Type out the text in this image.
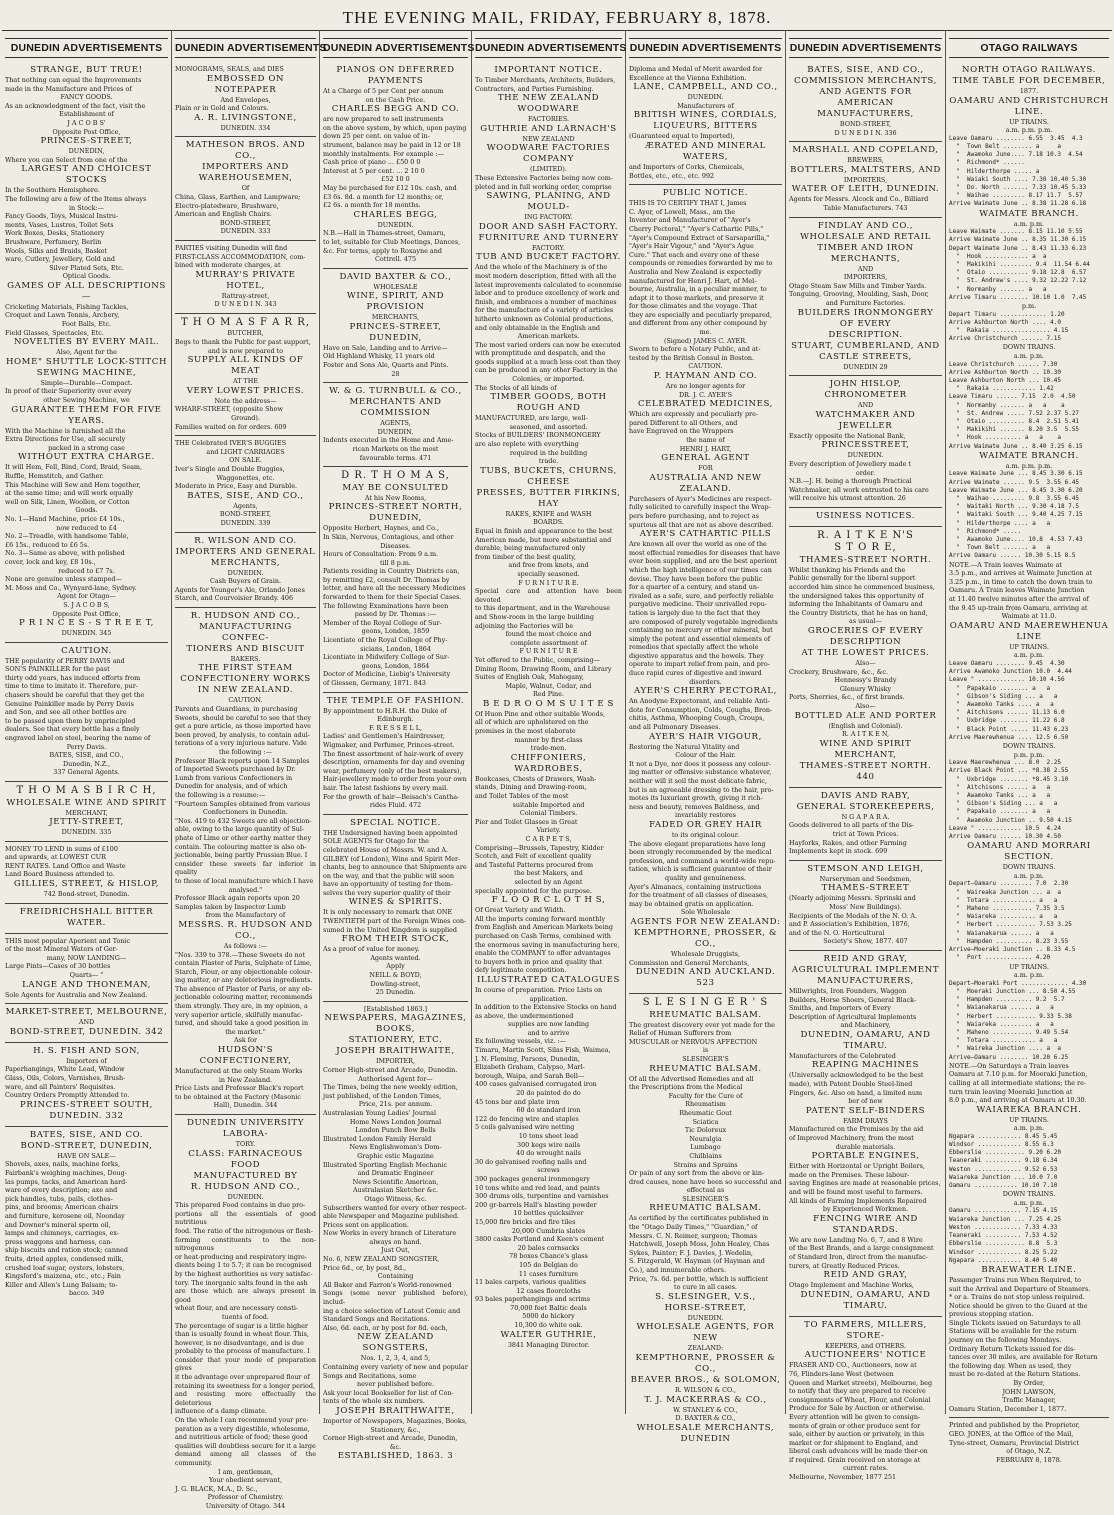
THE EVENING MAIL, FRIDAY, FEBRUARY 8, 1878.
DUNEDIN ADVERTISEMENTS
STRANGE, BUT TRUE!
That nothing can equal the Improvements
made in the Manufacture and Prices of
FANCY GOODS.
As an acknowledgment of the fact, visit the
Establishment of
J A C O B S'
Opposite Post Office,
PRINCES-STREET,
DUNEDIN,
Where you can Select from one of the
LARGEST AND CHOICEST STOCKS
In the Southern Hemisphere.
The following are a few of the Items always
in Stock:—
Fancy Goods, Toys, Musical Instru-
ments, Vases, Lustres, Toilet Sets
Work Boxes, Desks, Stationery
Brushware, Perfumery, Berlin
Wools, Silks and Braids, Basket
ware, Cutlery, Jewellery, Gold and
Silver Plated Sets, Etc.
Optical Goods.
GAMES OF ALL DESCRIPTIONS—
Cricketing Materials, Fishing Tackles,
Croquet and Lawn Tennis, Archery,
Foot Balls, Etc.
Field Glasses, Spectacles, Etc.
NOVELTIES BY EVERY MAIL.
Also, Agent for the
HOME" SHUTTLE LOCK-STITCH
SEWING MACHINE,
Simple—Durable—Compact.
In proof of their Superiority over every
other Sewing Machine, we
GUARANTEE THEM FOR FIVE YEARS.
With the Machine is furnished all the
Extra Directions for Use, all securely
packed in a strong case
WITHOUT EXTRA CHARGE.
It will Hem, Fell, Bind, Cord, Braid, Seam,
Ruffle, Hemstitch, and Gather.
This Machine will Sew and Hem together,
at the same time; and will work equally
well on Silk, Linen, Woollen, or Cotton
Goods.
No. 1—Hand Machine, price £4 10s.,
now reduced to £4
No. 2—Treadle, with handsome Table,
£6 15s., reduced to £6 5s.
No. 3—Same as above, with polished
cover, lock and key, £8 10s.,
reduced to £7 7s.
None are genuine unless stamped—
M. Moss and Co., Wynyard-lane, Sydney.
Agent for Otago—
S. J A C O B S,
Opposite Post Office,
P R I N C E S - S T R E E T,
DUNEDIN. 345
CAUTION.
THE popularity of PERRY DAVIS and
SON'S PAINKILLER for the past
thirty odd years, has induced efforts from
time to time to imitate it. Therefore, pur-
chasers should be careful that they get the
Genuine Painkiller made by Perry Davis
and Son, and see all other bottles are
to be passed upon them by unprincipled
dealers. See that every bottle has a finely
engraved label on steel, bearing the name of
Perry Davis.
BATES, SISE, and CO.,
Dunedin, N.Z.,
337 General Agents.
T H O M A S B I R C H,
WHOLESALE WINE AND SPIRIT
MERCHANT,
JETTY-STREET,
DUNEDIN. 335
MONEY TO LEND in sums of £100
and upwards, at LOWEST CUR
RENT RATES. Land Office and Waste
Land Board Business attended to.
GILLIES, STREET, & HISLOP,
742 Bond-street, Dunedin.
FREIDRICHSHALL BITTER WATER.
THIS most popular Aperient and Tonic
of the most Mineral Waters of Ger-
many, NOW LANDING—
Large Pints—Cases of 30 bottles
Quarts— "
LANGE AND THONEMAN,
Sole Agents for Australia and New Zealand.
MARKET-STREET, MELBOURNE,
AND
BOND-STREET, DUNEDIN. 342
H. S. FISH AND SON,
Importers of
Paperhangings, White Lead, Window
Glass, Oils, Colors, Varnishes, Brush-
ware, and all Painters' Requisites.
Country Orders Promptly Attended to.
PRINCES-STREET SOUTH, DUNEDIN. 332
BATES, SISE, AND CO.
BOND-STREET, DUNEDIN,
HAVE ON SALE—
Shovels, axes, nails, machine forks,
Fairbank's weighing machines, Doug-
las pumps, tacks, and American hard-
ware of every description; axe and
pick handles, tubs, pails, clothes-
pins, and brooms; American chairs
and furniture, kerosene oil, Noonday
and Downer's mineral sperm oil,
lamps and chimneys, carriages, ex-
press waggons and harness, can-
ship biscuits and ration stock; canned
fruits, dried apples, condensed milk,
crushed loaf sugar, oysters, lobsters,
Kingsford's maizena, etc., etc.; Fain
Killer and Allen's Lung Balsam; to-
bacco. 349
DUNEDIN ADVERTISEMENTS
MONOGRAMS, SEALS, and DIES
EMBOSSED ON NOTEPAPER
And Envelopes,
Plain or in Gold and Colours.
A. R. LIVINGSTONE,
DUNEDIN. 334
MATHESON BROS. AND CO.,
IMPORTERS AND WAREHOUSEMEN,
Of
China, Glass, Earthen, and Lampware;
Electro-platedware, Brushware,
American and English Chairs.
BOND-STREET,
DUNEDIN. 333
PARTIES visiting Dunedin will find
FIRST-CLASS ACCOMMODATION, com-
bined with moderate charges, at
MURRAY'S PRIVATE HOTEL,
Rattray-street,
D U N E D I N. 343
T H O M A S F A R R,
BUTCHER,
Begs to thank the Public for past support,
and is now prepared to
SUPPLY ALL KINDS OF MEAT
AT THE
VERY LOWEST PRICES.
Note the address—
WHARF-STREET, (opposite Show
Ground).
Families waited on for orders. 609
THE Celebrated IVER'S BUGGIES
and LIGHT CARRIAGES
ON SALE.
Iver's Single and Double Buggies,
Waggonettes, etc.
Moderate in Price, Easy and Durable.
BATES, SISE, AND CO.,
Agents,
BOND-STREET,
DUNEDIN. 339
R. WILSON AND CO.
IMPORTERS AND GENERAL MERCHANTS,
DUNEDIN.
Cash Buyers of Grain.
Agents for Younger's Ale, Orlando Jones
Starch, and Courvoisier Brandy. 406
R. HUDSON AND CO.,
MANUFACTURING CONFEC-
TIONERS AND BISCUIT
BAKERS.
THE FIRST STEAM CONFECTIONERY WORKS
IN NEW ZEALAND.
CAUTION.
Parents and Guardians, in purchasing
Sweets, should be careful to see that they
get a pure article, as those imported have
been proved, by analysis, to contain adul-
terations of a very injurious nature. Vide
the following :—
Professor Black reports upon 14 Samples
of Imported Sweets purchased by Dr.
Lumb from various Confectioners in
Dunedin for analysis, and of which
the following is a resume:—
"Fourteen Samples obtained from various
Confectioners in Dunedin.
"Nos. 419 to 432 Sweets are all objection-
able, owing to the large quantity of Sul-
phate of Lime or other earthy matter they
contain. The colouring matter is also ob-
jectionable, being partly Prussian Blue. I
consider these sweets far inferior in quality
to those of local manufacture which I have
analysed."
Professor Black again reports upon 20
Samples taken by Inspector Lumb
from the Manufactory of
MESSRS. R. HUDSON AND CO.,
As follows :—
"Nos. 339 to 378.—These Sweets do not
contain Plaster of Paris, Sulphate of Lime,
Starch, Flour, or any objectionable colour-
ing matter, or any deleterious ingredients.
The absence of Plaster of Paris, or any ob-
jectionable colouring matter, recommends
them strongly. They are, in my opinion, a
very superior article, skilfully manufac-
tured, and should take a good position in
the market."
Ask for
HUDSON'S CONFECTIONERY,
Manufactured at the only Steam Works
in New Zealand.
Price Lists and Professor Black's report
to be obtained at the Factory (Masonic
Hall), Dunedin. 344
DUNEDIN UNIVERSITY LABORA-
TORY.
CLASS: FARINACEOUS FOOD
MANUFACTURED BY
R. HUDSON AND CO.,
DUNEDIN.
This prepared Food contains in due pro-
portions all the essentials of good nutritious
food. The ratio of the nitrogenous or flesh-
forming constituents to the non-nitrogenous
or heat-producing and respiratory ingre-
dients being 1 to 5.7; it can be recognised
by the highest authorities as very satisfac-
tory. The inorganic salts found in the ash
are those which are always present in good
wheat flour, and are necessary consti-
tuents of food.
The percentage of sugar is a little higher
than is usually found in wheat flour. This,
however, is no disadvantage, and is due
probably to the process of manufacture. I
consider that your mode of preparation gives
it the advantage over unprepared flour of
retaining its sweetness for a longer period,
and resisting more effectually the deleterious
influence of a damp climate.
On the whole I can recommend your pre-
paration as a very digestible, wholesome,
and nutritious article of food; these good
qualities will doubtless secure for it a large
demand among all classes of the community.
I am, gentleman,
Your obedient servant,
J. G. BLACK, M.A., D. Sc.,
Professor of Chemistry.
University of Otago. 344
DUNEDIN ADVERTISEMENTS
PIANOS ON DEFERRED PAYMENTS
At a Charge of 5 per Cent per annum
on the Cash Price.
CHARLES BEGG AND CO.
are now prepared to sell instruments
on the above system, by which, upon paying
down 25 per cent. on value of in-
strument, balance may be paid in 12 or 18
monthly instalments. For example :—
Cash price of piano ... £50 0 0
Interest at 5 per cent. ... 2 10 0
£52 10 0
May be purchased for £12 10s. cash, and
£3 6s. 8d. a month for 12 months; or,
£2 6s. a month for 18 months.
CHARLES BEGG,
DUNEDIN.
N.B.—Hall in Thames-street, Oamaru,
to let, suitable for Club Meetings, Dances,
&c. For terms, apply to Roxayne and
Cottrell. 475
DAVID BAXTER & CO.,
WHOLESALE
WINE, SPIRIT, AND PROVISION
MERCHANTS,
PRINCES-STREET, DUNEDIN,
Have on Sale, Landing and to Arrive—
Old Highland Whisky, 11 years old
Foster and Sons Ale, Quarts and Pints.
28
W. & G. TURNBULL & CO.,
MERCHANTS AND COMMISSION
AGENTS,
DUNEDIN.
Indents executed in the Home and Ame-
rican Markets on the most
favourable terms. 471
D R. T H O M A S,
MAY BE CONSULTED
At his New Rooms,
PRINCES-STREET NORTH, DUNEDIN,
Opposite Herbert, Haynes, and Co.,
In Skin, Nervous, Contagious, and other
Diseases.
Hours of Consultation: From 9 a.m.
till 8 p.m.
Patients residing in Country Districts can,
by remitting £2, consult Dr. Thomas by
letter, and have all the necessary Medicines
forwarded to them for their Special Cases.
The following Examinations have been
passed by Dr. Thomas :—
Member of the Royal College of Sur-
geons, London, 1859
Licentiate of the Royal College of Phy-
sicians, London, 1864
Licentiate in Midwifery College of Sur-
geons, London, 1864
Doctor of Medicine, Liebig's University
of Giessen, Germany, 1871. 843
THE TEMPLE OF FASHION.
By appointment to H.R.H. the Duke of
Edinburgh.
F. R E S S E L L,
Ladies' and Gentlemen's Hairdresser,
Wigmaker, and Perfumer, Princes-street.
The finest assortment of hair-work of every
description, ornaments for day and evening
wear, perfumery (only of the best makers),
Hair-jewellery made to order from your own
hair. The latest fashions by every mail.
For the growth of hair—Beisach's Cantha-
rides Fluid. 472
SPECIAL NOTICE.
THE Undersigned having been appointed
SOLE AGENTS for Otago for the
celebrated House of Messrs. W. and A.
GILBEY (of London), Wine and Spirit Mer-
chants, beg to announce that Shipments are
on the way, and that the public will soon
have an opportunity of testing for them-
selves the very superior quality of their
WINES & SPIRITS.
It is only necessary to remark that ONE
TWENTIETH part of the Foreign Wines con-
sumed in the United Kingdom is supplied
FROM THEIR STOCK,
As a proof of value for money.
Agents wanted.
Apply
NEILL & BOYD,
Dowling-street,
25 Dunedin.
[Established 1863.]
NEWSPAPERS, MAGAZINES, BOOKS,
STATIONERY, ETC.
JOSEPH BRAITHWAITE,
IMPORTER,
Corner High-street and Arcade, Dunedin.
Authorised Agent for—
The Times, being the new weekly edition,
just published, of the London Times,
Price, 21s. per annum.
Australasian Young Ladies' Journal
Home News London Journal
London Punch Bow Bells
Illustrated London Family Herald
News Englishwoman's Dom-
Graphic estic Magazine
Illustrated Sporting English Mechanic
and Dramatic Engineer
News Scientific American,
Australasian Sketcher &c.
Otago Witness, &c.
Subscribers wanted for every other respect-
able Newspaper and Magazine published.
Prices sent on application.
New Works in every branch of Literature
always on hand.
Just Out,
No. 6, NEW ZEALAND SONGSTER,
Price 6d., or, by post, 8d.,
Containing
All Baker and Farron's World-renowned
Songs (some never published before), includ-
ing a choice selection of Latest Comic and
Standard Songs and Recitations.
Also, 6d. each, or by post for 8d. each,
NEW ZEALAND SONGSTERS,
Nos. 1, 2, 3, 4, and 5,
Containing every variety of new and popular
Songs and Recitations, some
never published before.
Ask your local Bookseller for list of Con-
tents of the whole six numbers.
JOSEPH BRAITHWAITE,
Importer of Newspapers, Magazines, Books,
Stationery, &c.,
Corner High-street and Arcade, Dunedin,
&c.
ESTABLISHED, 1863. 3
DUNEDIN ADVERTISEMENTS
IMPORTANT NOTICE.
To Timber Merchants, Architects, Builders,
Contractors, and Parties Furnishing.
THE NEW ZEALAND WOODWARE
FACTORIES.
GUTHRIE AND LARNACH'S
NEW ZEALAND
WOODWARE FACTORIES COMPANY
(LIMITED).
These Extensive Factories being now com-
pleted and in full working order, comprise
SAWING, PLANING, AND MOULD-
ING FACTORY.
DOOR AND SASH FACTORY.
FURNITURE AND TURNERY
FACTORY.
TUB AND BUCKET FACTORY.
And the whole of the Machinery is of the
most modern description, fitted with all the
latest improvements calculated to economise
labor and to produce excellency of work and
finish, and embraces a number of machines
for the manufacture of a variety of articles
hitherto unknown as Colonial productions,
and only obtainable in the English and
American markets.
The most varied orders can now be executed
with promptitude and despatch, and the
goods supplied at a much less cost than they
can be produced in any other Factory in the
Colonies, or imported.
The Stocks of all kinds of
TIMBER GOODS, BOTH ROUGH AND
MANUFACTURED, are large, well-
seasoned, and assorted.
Stocks of BUILDERS' IRONMONGERY
are also replete with everything
required in the building
trade.
TUBS, BUCKETS, CHURNS, CHEESE
PRESSES, BUTTER FIRKINS, HAY
RAKES, KNIFE and WASH
BOARDS.
Equal in finish and appearance to the best
American made, but more substantial and
durable, being manufactured only
from timber of the best quality,
and free from knots, and
specially seasoned.
F U R N I T U R E.
Special care and attention have been devoted
to this department, and in the Warehouse
and Show-room in the large building
adjoining the Factories will be
found the most choice and
complete assortment of
F U R N I T U R E
Yet offered to the Public, comprising—
Dining Room, Drawing Room, and Library
Suites of English Oak, Mahogany,
Maple, Walnut, Cedar, and
Red Pine.
B E D R O O M S U I T E S
Of Huon Pine and other suitable Woods,
all of which are upholstered on the
premises in the most elaborate
manner by first-class
trade-men.
CHIFFONIERS, WARDROBES,
Bookcases, Chests of Drawers, Wash-
stands, Dining and Drawing-room,
and Toilet Tables of the most
suitable Imported and
Colonial Timbers.
Pier and Toilet Glasses in Great
Variety.
C A R P E T S,
Comprising—Brussels, Tapestry, Kidder
Scotch, and Felt of excellent quality
and Tasteful Patterns procured from
the best Makers, and
selected by an Agent
specially appointed for the purpose.
F L O O R C L O T H S,
Of Great Variety and Width.
All the imports coming forward monthly
from English and American Markets being
purchased on Cash Terms, combined with
the enormous saving in manufacturing here,
enable the COMPANY to offer advantages
to buyers both in price and quality that
defy legitimate competition.
ILLUSTRATED CATALOGUES
In course of preparation. Price Lists on
application.
In addition to the Extensive Stocks on hand
as above, the undermentioned
supplies are now landing
and to arrive
Ex following vessels, viz. :—
Timaru, Martin Scott, Silas Fish, Waimea,
J. N. Fleming, Parsons, Dunedin,
Elizabeth Graham, Calypso, Marl-
borough, Waipa, and Sarah Bell—
400 cases galvanised corrugated iron
20 do painted do do
45 tons bar and plate iron
60 do standard iron
122 do fencing wire and staples
5 coils galvanised wire netting
10 tons sheet lead
300 kegs wire nails
40 do wrought nails
30 do galvanised roofing nails and
screws
390 packages general ironmongery
10 tons white and red lead, and paints
300 drums oils, turpentine and varnishes
200 gr-barrels Hall's blasting powder
10 bottles quicksilver
15,000 fire bricks and fire tiles
20,000 Cumbria slates
3800 casks Portland and Keen's cement
20 bales cornsacks
78 boxes Chance's glass
105 do Belgian do
11 cases furniture
11 bales carpets, various qualities
12 cases floorcloths
93 bales paperhangings and scrims
70,000 feet Baltic deals
5000 do hickory
10,300 do white oak.
WALTER GUTHRIE,
3841 Managing Director.
DUNEDIN ADVERTISEMENTS
Diploma and Medal of Merit awarded for
Excellence at the Vienna Exhibition.
LANE, CAMPBELL, AND CO.,
DUNEDIN.
Manufacturers of
BRITISH WINES, CORDIALS,
LIQUEURS, BITTERS
(Guaranteed equal to Imported),
ÆRATED AND MINERAL WATERS,
and Importers of Corks, Chemicals,
Bottles, etc., etc., etc. 992
PUBLIC NOTICE.
THIS IS TO CERTIFY THAT I, James
C. Ayer, of Lowell, Mass., am the
Inventor and Manufacturer of "Ayer's
Cherry Pectoral," "Ayer's Cathartic Pills,"
"Ayer's Compound Extract of Sarsaparilla,"
"Ayer's Hair Vigour," and "Ayer's Ague
Cure." That each and every one of these
compounds or remedies forwarded by me to
Australia and New Zealand is expectedly
manufactured for Henri J. Hart, of Mel-
bourne, Australia, in a peculiar manner, to
adapt it to those markets, and preserve it
for those climates and the voyage. That
they are especially and peculiarly prepared,
and different from any other compound by
me.
(Signed) JAMES C. AYER.
Sworn to before a Notary Public, and at-
tested by the British Consul in Boston.
CAUTION.
P. HAYMAN AND CO.
Are no longer agents for
DR. J. C. AYER'S
CELEBRATED MEDICINES,
Which are expressly and peculiarly pre-
pared Different to all Others, and
have Engraved on the Wrappers
the name of
HENRI J. HART,
GENERAL AGENT
FOR
AUSTRALIA AND NEW ZEALAND.
Purchasers of Ayer's Medicines are respect-
fully solicited to carefully inspect the Wrap-
pers before purchasing, and to reject as
spurious all that are not as above described.
AYER'S CATHARTIC PILLS
Are known all over the world as one of the
most effectual remedies for diseases that have
ever been supplied, and are the best aperient
which the high intelligence of our times can
devise. They have been before the public
for a quarter of a century, and stand un-
rivaled as a safe, sure, and perfectly reliable
purgative medicine. Their unrivalled repu-
tation is largely due to the fact that they
are composed of purely vegetable ingredients
containing no mercury or other mineral, but
simply the potent and essential elements of
remedies that specially affect the whole
digestive apparatus and the bowels. They
operate to impart relief from pain, and pro-
duce rapid cures of digestive and inward
disorders.
AYER'S CHERRY PECTORAL,
An Anodyne Expectorant, and reliable Anti-
dote for Consumption, Colds, Coughs, Bron-
chitis, Asthma, Whooping Cough, Croups,
and all Pulmonary Diseases.
AYER'S HAIR VIGOUR,
Restoring the Natural Vitality and
Colour of the Hair.
It not a Dye, nor does it possess any colour-
ing matter or offensive substance whatever,
neither will it soil the most delicate fabric,
but is an agreeable dressing to the hair, pro-
motes its luxuriant growth, giving it rich-
ness and beauty, removes Baldness, and
invariably restores
FADED OR GREY HAIR
to its original colour.
The above elegant preparations have long
been strongly recommended by the medical
profession, and command a world-wide repu-
tation, which is sufficient guarantee of their
quality and genuineness.
Ayer's Almanacs, containing instructions
for the treatment of all classes of diseases,
may be obtained gratis on application.
Sole Wholesale
AGENTS FOR NEW ZEALAND:
KEMPTHORNE, PROSSER, & CO.,
Wholesale Druggists,
Commission and General Merchants,
DUNEDIN AND AUCKLAND. 523
S L E S I N G E R ' S
RHEUMATIC BALSAM.
The greatest discovery ever yet made for the
Relief of Human Sufferers from
MUSCULAR or NERVOUS AFFECTION
is
SLESINGER'S
RHEUMATIC BALSAM.
Of all the Advertised Remedies and all
the Prescriptions from the Medical
Faculty for the Cure of
Rheumatism
Rheumatic Gout
Sciatica
Tic Doloreux
Neuralgia
Lumbago
Chilblains
Strains and Sprains
Or pain of any sort from the above or kin-
dred causes, none have been so successful and
effectual as
SLESINGER'S
RHEUMATIC BALSAM.
As certified by the certificates published in
the "Otago Daily Times," "Guardian," of
Messrs. C. N. Reimer, surgeon; Thomas
Hatchwell, Joseph Moss, John Healey, Chas
Sykes, Painter; F. J. Davies, J. Wedelin,
S. Fitzgerald, W. Hayman (of Hayman and
Co.), and innumerable others.
Price, 7s. 6d. per bottle, which is sufficient
to cure in all cases.
S. SLESINGER, V.S.,
HORSE-STREET,
DUNEDIN.
WHOLESALE AGENTS, FOR NEW
ZEALAND:
KEMPTHORNE, PROSSER & CO.,
BEAVER BROS., & SOLOMON,
R. WILSON & CO.,
T. J. MACKERRAS & CO.,
W. STANLEY & CO.,
D. BAXTER & CO.,
WHOLESALE MERCHANTS, DUNEDIN
DUNEDIN ADVERTISEMENTS
BATES, SISE, AND CO.,
COMMISSION MERCHANTS,
AND AGENTS FOR
AMERICAN MANUFACTURERS,
BOND-STREET,
D U N E D I N. 336
MARSHALL AND COPELAND,
BREWERS,
BOTTLERS, MALTSTERS, AND
IMPORTERS,
WATER OF LEITH, DUNEDIN.
Agents for Messrs. Alcock and Co., Billiard
Table Manufacturers. 743
FINDLAY AND CO.,
WHOLESALE AND RETAIL
TIMBER AND IRON MERCHANTS,
AND
IMPORTERS,
Otago Steam Saw Mills and Timber Yards.
Tonguing, Grooving, Moulding, Sash, Door,
and Furniture Factories.
BUILDERS IRONMONGERY OF EVERY
DESCRIPTION.
STUART, CUMBERLAND, AND CASTLE STREETS,
DUNEDIN 29
JOHN HISLOP,
CHRONOMETER
AND
WATCHMAKER AND JEWELLER
Exactly opposite the National Bank,
PRINCESSTREET,
DUNEDIN.
Every description of Jewellery made t
order.
N.B.—J. H. being a thorough Practical
Watchmaker, all work entrusted to his care
will receive his utmost attention. 26
USINESS NOTICES.
R. A I T K E N'S
S T O R E,
THAMES-STREET NORTH.
Whilst thanking his Friends and the
Public generally for the liberal support
accorded him since he commenced business,
the undersigned takes this opportunity of
informing the Inhabitants of Oamaru and
the Country Districts, that he has on hand,
as usual—
GROCERIES OF EVERY DESCRIPTION
AT THE LOWEST PRICES.
Also—
Crockery, Brushware, &c., &c.
Hennessy's Brandy
Glenury Whisky
Ports, Sherries, &c., of first brands.
Also—
BOTTLED ALE AND PORTER
(English and Colonial).
R. A I T K E N,
WINE AND SPIRIT MERCHANT,
THAMES-STREET NORTH. 440
DAVIS AND RABY,
GENERAL STOREKEEPERS,
N G A P A R A.
Goods delivered to all parts of the Dis-
trict at Town Prices.
Hayforks, Rakes, and other Farming
Implements kept in stock. 699
STEMSON AND LEIGH,
Nurseryman and Seedsmen,
THAMES-STREET
(Nearly adjoining Messrs. Sprinski and
Moss' New Buildings).
Recipients of the Medals of the N. O. A.
and P. Association's Exhibition, 1876,
and of the N. O. Horticultural
Society's Show, 1877. 407
REID AND GRAY,
AGRICULTURAL IMPLEMENT
MANUFACTURERS,
Millwrights, Iron Founders, Waggon
Builders, Horse Shoers, General Black-
Smiths, and Importers of Every
Description of Agricultural Implements
and Machinery,
DUNEDIN, OAMARU, AND TIMARU.
Manufacturers of the Celebrated
REAPING MACHINES
(Universally acknowledged to be the best
made), with Patent Double Steel-lined
Fingers, &c. Also on hand, a limited num
ber of new
PATENT SELF-BINDERS
FARM DRAYS
Manufactured on the Premises by the aid
of Improved Machinery, from the most
durable materials.
PORTABLE ENGINES,
Either with Horizontal or Upright Boilers,
made on the Premises. These labour-
saving Engines are made at reasonable prices,
and will be found most useful to farmers.
All kinds of Farming Implements Repaired
by Experienced Workmen.
FENCING WIRE AND STANDARDS.
We are now Landing No. 6, 7, and 8 Wire
of the Best Brands, and a large consignment
of Standard Iron, direct from the manufac-
turers, at Greatly Reduced Prices.
REID AND GRAY,
Otago Implement and Machine Works,
DUNEDIN, OAMARU, AND TIMARU.
TO FARMERS, MILLERS, STORE-
KEEPERS, and OTHERS.
AUCTIONEERS' NOTICE
FRASER AND CO., Auctioneers, now at
76, Flinders-lane West (between
Queen and Market streets), Melbourne, beg
to notify that they are prepared to receive
consignments of Wheat, Flour, and Colonial
Produce for Sale by Auction or otherwise.
Every attention will be given to consign-
ments of grain or other produce sent for
sale, either by auction or privately, in this
market or for shipment to England, and
liberal cash advances will be made ther-on
if required. Grain received on storage at
current rates.
Melbourne, November, 1877 251
OTAGO RAILWAYS
NORTH OTAGO RAILWAYS.
TIME TABLE FOR DECEMBER,
1877.
OAMARU AND CHRISTCHURCH LINE.
UP TRAINS.
a.m. p.m. p.m.
Leave Oamaru ........ 6.55  3.45  4.3
"  Town Belt ........ a     a
"  Awamoko June.... 7.18 10.3  4.54
"  Richmond* ......
"  Hilderthorpe ..... a
"  Waiaki South .... 7.30 10.40 5.30
"  Do. North ....... 7.33 10.45 5.33
"  Waihao ......... 8.17 11.7  5.57
Arrive Waimate June .. 8.38 11.28 6.18
WAIMATE BRANCH.
a.m. p.m.
Leave Waimate ....... 8.15 11.10 5.55
Arrive Waimate June .. 8.35 11.30 6.15
Depart Waimate June .. 8.43 11.33 6.23
"  Hook ............ a  a
"  Makikihi ......... 9.4  11.54 6.44
"  Otaio ........... 9.18 12.8  6.57
"  St. Andrew's .... 9.32 12.22 7.12
"  Normanby ....... a   a
Arrive Timaru ........ 10.10 1.0  7.45
p.m.
Depart Timaru ............. 1.20
Arrive Ashburton North .... 4.0
"  Rakaia ................ 4.15
Arrive Christchurch ...... 7.15
DOWN TRAINS.
a.m. p.m.
Leave Christchurch ...... 7.30
Arrive Ashburton North .. 10.30
Leave Ashburton North ... 10.45
"  Rakaia ............ 1.42
Leave Timaru ...... 7.15  2.0  4.50
"  Normanby ....... a   a    a
"  St. Andrew ..... 7.52 2.37 5.27
"  Otaio .......... 8.4  2.51 5.41
"  Makikihi ....... 8.20 3.5  5.55
"  Hook .......... a   a    a
Arrive Waimate June .. 8.40 3.25 6.15
WAIMATE BRANCH.
a.m. p.m. p.m.
Leave Waimate June ... 8.45 3.30 6.15
Arrive Waimate ...... 9.5  3.55 6.45
Leave Waimate June ... 8.45 3.30 6.20
"  Waihao ......... 9.8  3.55 6.45
"  Waitaki North ... 9.30 4.18 7.5
"  Waitaki South ... 9.40 4.25 7.15
"  Hilderthorpe .... a   a
"  Richmond* .....
"  Awamoko June.... 10.8  4.53 7.43
"  Town Belt ....... a   a
Arrive Oamaru ...... 10.30 5.15 8.5
NOTE.—A Train leaves Waimate at
3.5 p.m., and arrives at Waimate Junction at
3.25 p.m., in time to catch the down train to
Oamaru. A Train leaves Waimate Junction
at 11.40 twelve minutes after the arrival of
the 9.45 up-train from Oamaru, arriving at
Waimate at 11.0.
OAMARU AND MAEREWHENUA LINE
UP TRAINS.
a.m. p.m.
Leave Oamaru ........ 9.45  4.30
Arrive Awamoko Junction 10.0  4.44
Leave " ............. 10.10 4.56
"  Papakaio ........ a   a
"  Gibson's Siding ... a   a
"  Awamoko Tanks .... a   a
"  Aitchisons ...... 11.13 6.0
"  Uxbridge ........ 11.22 6.8
"  Black Point ..... 11.43 6.23
Arrive Maerewhenua .... 12.5 6.50
DOWN TRAINS.
p.m. p.m.
Leave Maerewhenua ... 8.0  2.25
Arrive Black Point ... *8.38 2.55
"  Uxbridge ........ *8.45 3.10
"  Aitchisons ...... a   a
"  Awamoko Tanks ... a   a
"  Gibson's Siding ... a   a
"  Papakaio ........ a   a
"  Awamoko Junction .. 9.50 4.15
Leave " ............ 10.5  4.24
Arrive Oamaru ...... 10.30 4.50
OAMARU AND MORRARI SECTION.
DOWN TRAINS.
a.m. p.m.
Depart—Oamaru ......... 7.0  2.30
"  Waireaka Junction ... a  a
"  Totara ............ a   a
"  Maheno ........... 7.35 3.5
"  Waiareka .......... a   a
"  Herbert ........... 7.53 3.25
"  Waianakarua ...... a   a
"  Hampden .......... 8.23 3.55
Arrive—Moeraki Junction .. 8.33 4.5
"  Port ............. 4.20
UP TRAINS.
a.m. p.m.
Depart—Moeraki Port ............. 4.30
"  Moeraki Junction ... 8.50 4.55
"  Hampden .......... 9.2  5.7
"  Waianakarua ...... a   a
"  Herbert ........... 9.33 5.38
"  Waiareka ......... a   a
"  Maheno ........... 9.49 5.54
"  Totara ............ a   a
"  Waireka Junction .... a  a
Arrive—Oamaru ........ 10.20 6.25
NOTE.—On Saturdays a Train leaves
Oamaru at 7.10 p.m. for Moeraki Junction,
calling at all intermediate stations; the re-
turn train leaving Moeraki Junction at
8.0 p.m., and arriving at Oamaru at 10.30.
WAIAREKA BRANCH.
UP TRAINS.
a.m. p.m.
Ngapara ............ 8.45 5.45
Windsor ............ 8.55 6.3
Ebberslie ........... 9.20 6.20
Teaneraki .......... 9.18 6.34
Weston ............. 9.52 6.53
Waiareka Junction ... 10.0 7.0
Oamaru ............ 10.10 7.10
DOWN TRAINS.
a.m. p.m.
Oamaru ............. 7.15 4.15
Waiareka Junction ... 7.25 4.25
Weston ............. 7.33 4.33
Teaneraki .......... 7.53 4.52
Ebberslie ........... 8.8  5.3
Windsor ............ 8.25 5.22
Ngapara ............ 8.40 5.40
BRAEWATER LINE.
Passenger Trains run When Required, to
suit the Arrival and Departure of Steamers.
* or a. Trains do not stop unless required.
Notice should be given to the Guard at the
previous stopping station.
Single Tickets issued on Saturdays to all
Stations will be available for the return
journey on the following Mondays.
Ordinary Return Tickets issued for dis-
tances over 30 miles, are available for Return
the following day. When as used, they
must be re-dated at the Return Stations.
By Order,
JOHN LAWSON,
Traffic Manager,
Oamaru Station, December 1, 1877.
Printed and published by the Proprietor,
GEO. JONES, at the Office of the Mail,
Tyne-street, Oamaru, Provincial District
of Otago, N.Z.
FEBRUARY 8, 1878.
